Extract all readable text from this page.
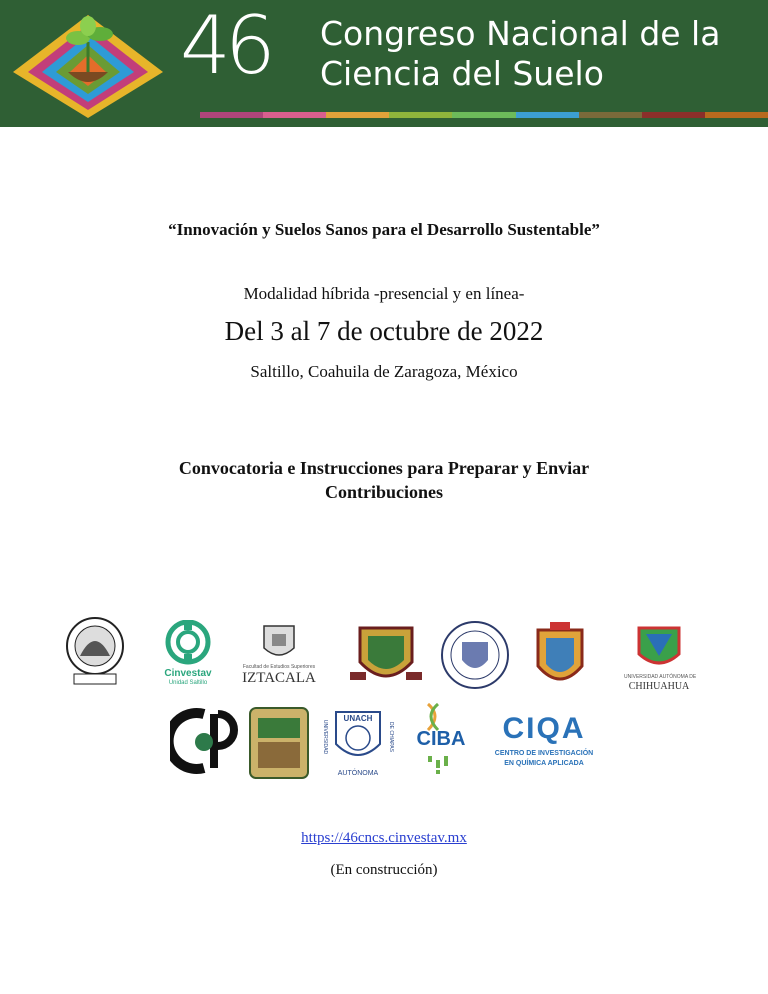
46 Congreso Nacional de la
Ciencia del Suelo
“Innovación y Suelos Sanos para el Desarrollo Sustentable”
Modalidad híbrida -presencial y en línea-
Del 3 al 7 de octubre de 2022
Saltillo, Coahuila de Zaragoza, México
Convocatoria e Instrucciones para Preparar y Enviar
Contribuciones
Cinvestav
Unidad Saltillo
Facultad de Estudios Superiores
IZTACALA	UNIVERSIDAD AUTÓNOMA DE
CHIHUAHUA
UNACH
UNIVERSIDAD	DE CHIAPAS
AUTÓNOMA
CIBA	CIQA
CENTRO DE INVESTIGACIÓN
EN QUÍMICA APLICADA
https://46cncs.cinvestav.mx
(En construcción)
